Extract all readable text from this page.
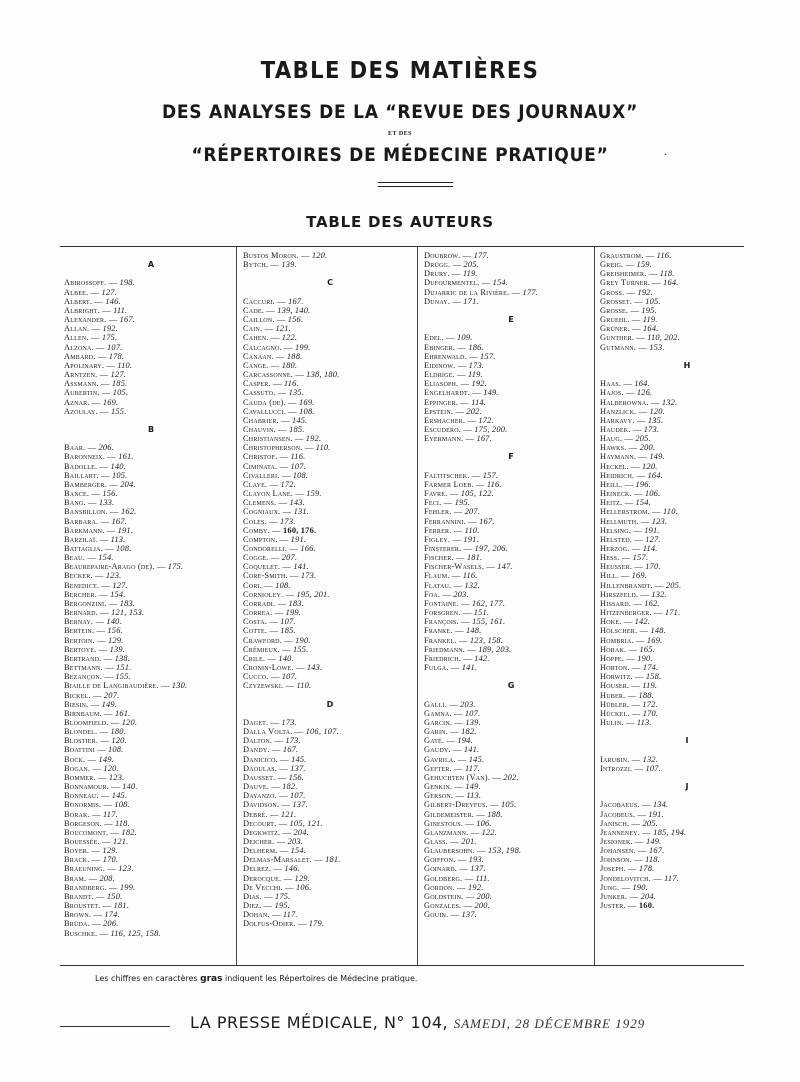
TABLE DES MATIÈRES
DES ANALYSES DE LA “REVUE DES JOURNAUX”
ET DES
“RÉPERTOIRES DE MÉDECINE PRATIQUE”	·
TABLE DES AUTEURS
A
Abirossoff. — 198.
Albee. — 127.
Albert. — 146.
Albright. — 111.
Alexander. — 167.
Allan. — 192.
Allen. — 175.
Alzona. — 107.
Ambard. — 178.
Apolinary. — 110.
Arntzen. — 127.
Assmann. — 185.
Aubertin. — 105.
Aznar. — 169.
Azoulay. — 155.
B
Baar. — 206.
Baronneix. — 161.
Badolle. — 140.
Baillart. — 105.
Bamberger. — 204.
Bance. — 156.
Bang. — 133.
Bansbillon. — 162.
Barbara. — 167.
Barkmann. — 191.
Barzilaï. — 113.
Battaglia. — 108.
Beau. — 154.
Beaurepaire-Arago (de). — 175.
Becker. — 123.
Benedict. — 127.
Bercher. — 154.
Bergonzini. — 183.
Bernard. — 121, 153.
Bernay. — 140.
Bertein. — 156.
Bertoin. — 129.
Bertoye. — 139.
Bertrand. — 138.
Bettmann. — 151.
Bezançon. — 155.
Biaille de Langibaudière. — 130.
Bickel. — 207.
Biesin. — 149.
Birnbaum. — 161.
Bloomfield. — 120.
Blondel. — 180.
Blostier. — 120.
Boattini — 108.
Bock. — 149.
Bogan. — 120.
Bommer. — 123.
Bonnamour. — 140.
Bonneau. — 145.
Bonormis. — 108.
Borak. — 117.
Borgeson. — 118.
Boucomont. — 182.
Bouessée. — 121.
Boyer. — 129.
Brack. — 170.
Braeuning. — 123.
Bram. — 208.
Brandberg. — 199.
Brandt. — 150.
Broustet. — 181.
Brown. — 174.
Brüda. — 206.
Buschke. — 116, 125, 158.
Bustos Moron. — 120.
Bytch. — 139.
C
Caccuri. — 167.
Cade. — 139, 140.
Caillon. — 156.
Cain. — 121.
Cahen. — 122.
Calcagno. — 199.
Canaan. — 188.
Cange. — 180.
Carcassonne. — 138, 180.
Casper. — 116.
Cassuto. — 135.
Cauda (de). — 169.
Cavallucci. — 108.
Chabrier. — 145.
Chauvin. — 185.
Christiansen. — 192.
Christopherson. — 110.
Christof. — 116.
Ciminata. — 107.
Civalleri. — 108.
Claye. — 172.
Clayon Lane. — 159.
Clemens. — 143.
Cogniaux. — 131.
Coles. — 173.
Comby. — 160, 176.
Compton. — 191.
Condorelli. — 166.
Cogge. — 207.
Coquelet. — 141.
Core-Smith. — 173.
Cori. — 108.
Cornioley. — 195, 201.
Corradi. — 183.
Correa. — 199.
Costa. — 107.
Cotte. — 185.
Crawford. — 190.
Crémieux. — 155.
Crile. — 140.
Cronin-Lowe. — 143.
Cucco. — 107.
Czyzewski. — 110.
D
Daget. — 173.
Dalla Volta. — 106, 107.
Dalton. — 173.
Dandy. — 167.
Danicico. — 145.
Daoulas. — 137.
Dausset. — 156.
Dauve. — 182.
Dayanzo. — 107.
Davidson. — 137.
Debré. — 121.
Decourt. — 105, 121.
Degkwitz. — 204.
Deicher. — 203.
Delherm. — 154.
Delmas-Marsalet. — 181.
Delrez. — 146.
Derocque. — 129.
De Vecchi. — 106.
Dias. — 175.
Diez. — 195.
Dohan. — 117.
Dolfus-Odier. — 179.
Doubrow. — 177.
Drügg. — 205.
Drury. — 119.
Dufourmentel. — 154.
Dujarric de la Rivière. — 177.
Dunay. — 171.
E
Edel. — 109.
Ebinger. — 186.
Ehrenwald. — 157.
Eidinow. — 173.
Eldrige. — 119.
Eliasoph. — 192.
Engelhardt. — 149.
Eppinger. — 114.
Epstein. — 202.
Ershacher. — 172.
Escudero. — 175, 200.
Eyermann. — 167.
F
Faltitschek. — 157.
Farmer Loeb. — 116.
Favre. — 105, 122.
Feci. — 195.
Fehler. — 207.
Ferrannini. — 167.
Ferrer. — 110.
Figley. — 191.
Finsterer. — 197, 206.
Fischer. — 181.
Fischer-Wasels. — 147.
Flaum. — 116.
Flatau. — 132.
Foa. — 203.
Fontaine. — 162, 177.
Forsgren. — 151.
François. — 155, 161.
Franke. — 148.
Frankel. — 123, 158.
Friedmann. — 189, 203.
Friedrich. — 142.
Fulga. — 141.
G
Galli. — 203.
Gamna. — 107.
Garcin. — 139.
Garin. — 182.
Gaté. — 194.
Gaudy. — 141.
Gavrila. — 145.
Gefter. — 117.
Gehuchten (Van). — 202.
Genkin. — 149.
Gerson. — 113.
Gilbert-Dreyfus. — 105.
Gildemeister. — 188.
Ginestous. — 106.
Glanzmann. — 122.
Glass. — 201.
Glaubersohn. — 153, 198.
Goiffon. — 193.
Goinard. — 137.
Goldberg. — 111.
Gordon. — 192.
Goldstein. — 200.
Gonzales. — 200.
Gouin. — 137.
Graustrom. — 116.
Greig. — 159.
Greisheimer. — 118.
Grey Turner. — 164.
Gross. — 192.
Grosset. — 105.
Grosse. — 195.
Gruehl. — 119.
Grüner. — 164.
Gunther. — 110, 202.
Gutmann. — 153.
H
Haas. — 164.
Hajos. — 126.
Halberowna. — 132.
Hanzlick. — 120.
Harkavy. — 135.
Haudek. — 173.
Haug. — 205.
Hawks. — 200.
Haymann. — 149.
Heckel. — 120.
Heidrich. — 164.
Heill. — 196.
Heineck. — 106.
Heitz. — 154.
Hellerstrom. — 110.
Hellmuth. — 123.
Helsing. — 191.
Helsted. — 127.
Herzog. — 114.
Hess. — 157.
Heusser. — 170.
Hill. — 169.
Hillenbrandt. — 205.
Hirszfeld. — 132.
Hissard. — 162.
Hitzenberger. — 171.
Hoke. — 142.
Hölscher. — 148.
Hombria. — 169.
Horak. — 165.
Hoppe. — 190.
Horton. — 174.
Horwitz. — 158.
Houser. — 119.
Huber. — 188.
Hübler. — 172.
Hückel. — 170.
Hulin. — 113.
I
Iarubin. — 132.
Introzzi. — 107.
J
Jacobaeus. — 134.
Jacobeus. — 191.
Janisch. — 205.
Jeanneney. — 185, 194.
Jesionek. — 149.
Johansen. — 167.
Johnson. — 118.
Joseph. — 178.
Jondelovitch. — 117.
Jung. — 190.
Junker. — 204.
Juster. — 160.
Les chiffres en caractères gras indiquent les Répertoires de Médecine pratique.
LA PRESSE MÉDICALE, N° 104, SAMEDI, 28 DÉCEMBRE 1929
